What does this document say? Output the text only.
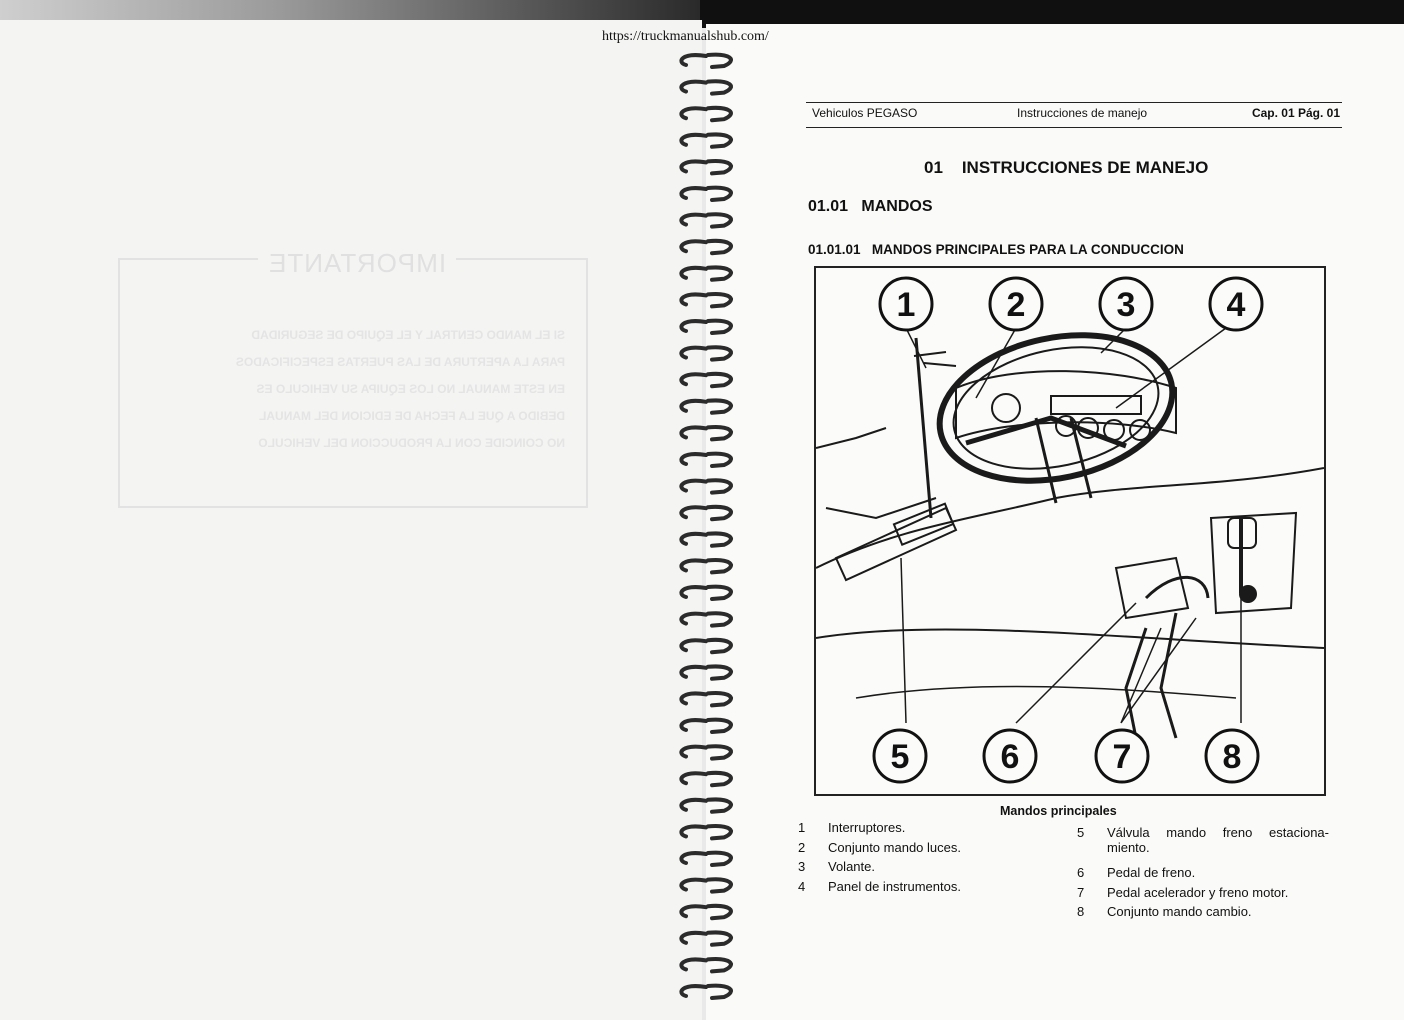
IMPORTANTE
SI EL MANDO CENTRAL Y EL EQUIPO DE SEGURIDAD
PARA LA APERTURA DE LAS PUERTAS ESPECIFICADOS
EN ESTE MANUAL NO LOS EQUIPA SU VEHICULO ES
DEBIDO A QUE LA FECHA DE EDICION DEL MANUAL
NO COINCIDE CON LA PRODUCCION DEL VEHICULO
https://truckmanualshub.com/
Vehiculos PEGASO	Instrucciones de manejo	Cap. 01 Pág. 01
01 INSTRUCCIONES DE MANEJO
01.01 MANDOS
01.01.01 MANDOS PRINCIPALES PARA LA CONDUCCION
1	2	3	4
5	6	7	8
Mandos principales
1 Interruptores.
2 Conjunto mando luces.
3 Volante.
4 Panel de instrumentos.
5 Válvula mando freno estaciona-miento.
6 Pedal de freno.
7 Pedal acelerador y freno motor.
8 Conjunto mando cambio.
